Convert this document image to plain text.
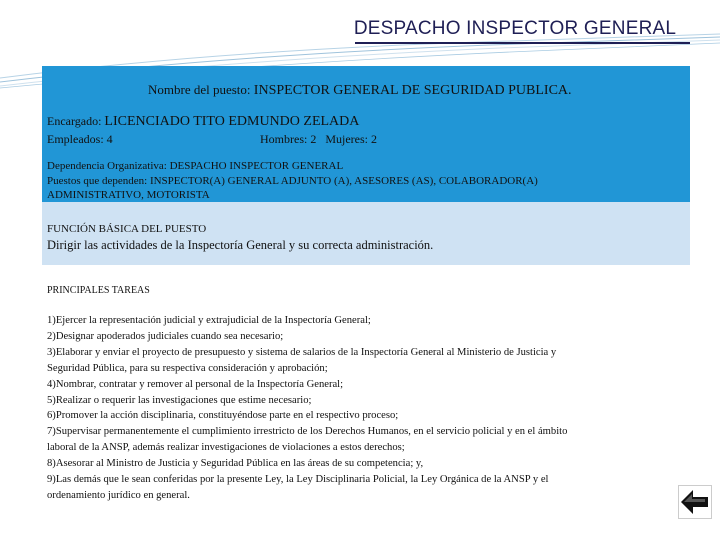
DESPACHO INSPECTOR GENERAL
Nombre del puesto: INSPECTOR GENERAL DE SEGURIDAD PUBLICA.
Encargado: LICENCIADO TITO EDMUNDO ZELADA
Empleados: 4	Hombres: 2 Mujeres: 2
Dependencia Organizativa: DESPACHO INSPECTOR GENERAL
Puestos que dependen: INSPECTOR(A) GENERAL ADJUNTO (A), ASESORES (AS), COLABORADOR(A)
ADMINISTRATIVO, MOTORISTA
FUNCIÓN BÁSICA DEL PUESTO
Dirigir las actividades de la Inspectoría General y su correcta administración.
PRINCIPALES TAREAS
1)Ejercer la representación judicial y extrajudicial de la Inspectoría General;
2)Designar apoderados judiciales cuando sea necesario;
3)Elaborar y enviar el proyecto de presupuesto y sistema de salarios de la Inspectoría General al Ministerio de Justicia y
Seguridad Pública, para su respectiva consideración y aprobación;
4)Nombrar, contratar y remover al personal de la Inspectoría General;
5)Realizar o requerir las investigaciones que estime necesario;
6)Promover la acción disciplinaria, constituyéndose parte en el respectivo proceso;
7)Supervisar permanentemente el cumplimiento irrestricto de los Derechos Humanos, en el servicio policial y en el ámbito
laboral de la ANSP, además realizar investigaciones de violaciones a estos derechos;
8)Asesorar al Ministro de Justicia y Seguridad Pública en las áreas de su competencia; y,
9)Las demás que le sean conferidas por la presente Ley, la Ley Disciplinaria Policial, la Ley Orgánica de la ANSP y el
ordenamiento jurídico en general.
